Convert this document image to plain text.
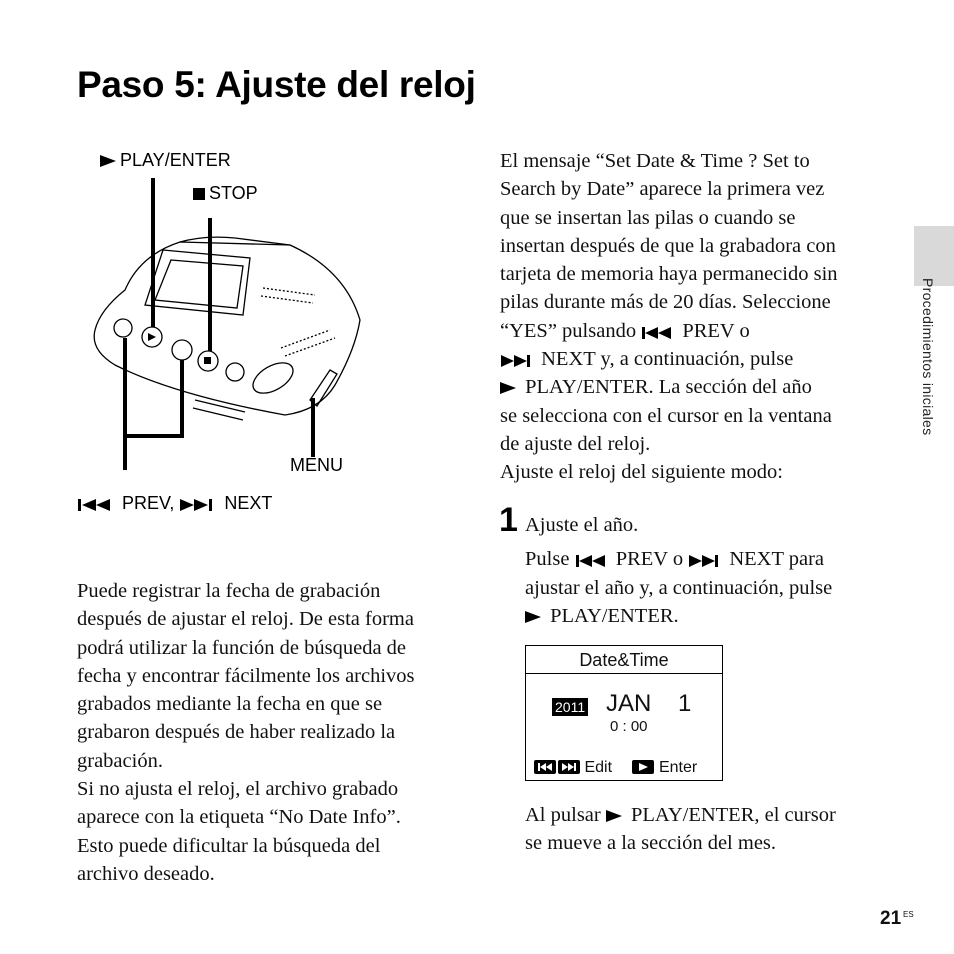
Paso 5: Ajuste del reloj
Procedimientos iniciales
PLAY/ENTER
STOP
MENU
PREV,	NEXT

Puede registrar la fecha de grabación

después de ajustar el reloj. De esta forma

podrá utilizar la función de búsqueda de

fecha y encontrar fácilmente los archivos

grabados mediante la fecha en que se

grabaron después de haber realizado la

grabación.

Si no ajusta el reloj, el archivo grabado

aparece con la etiqueta “No Date Info”.

Esto puede dificultar la búsqueda del

archivo deseado.

El mensaje “Set Date & Time ? Set to

Search by Date” aparece la primera vez

que se insertan las pilas o cuando se

insertan después de que la grabadora con

tarjeta de memoria haya permanecido sin

pilas durante más de 20 días. Seleccione

“YES” pulsando PREV o

NEXT y, a continuación, pulse

PLAY/ENTER. La sección del año

se selecciona con el cursor en la ventana

de ajuste del reloj.

Ajuste el reloj del siguiente modo:

1 Ajuste el año.

Pulse PREV o NEXT para

ajustar el año y, a continuación, pulse

PLAY/ENTER.

Date&Time
2011 JAN 1
0 : 00
Edit	Enter

Al pulsar PLAY/ENTER, el cursor

se mueve a la sección del mes.

21 ES
